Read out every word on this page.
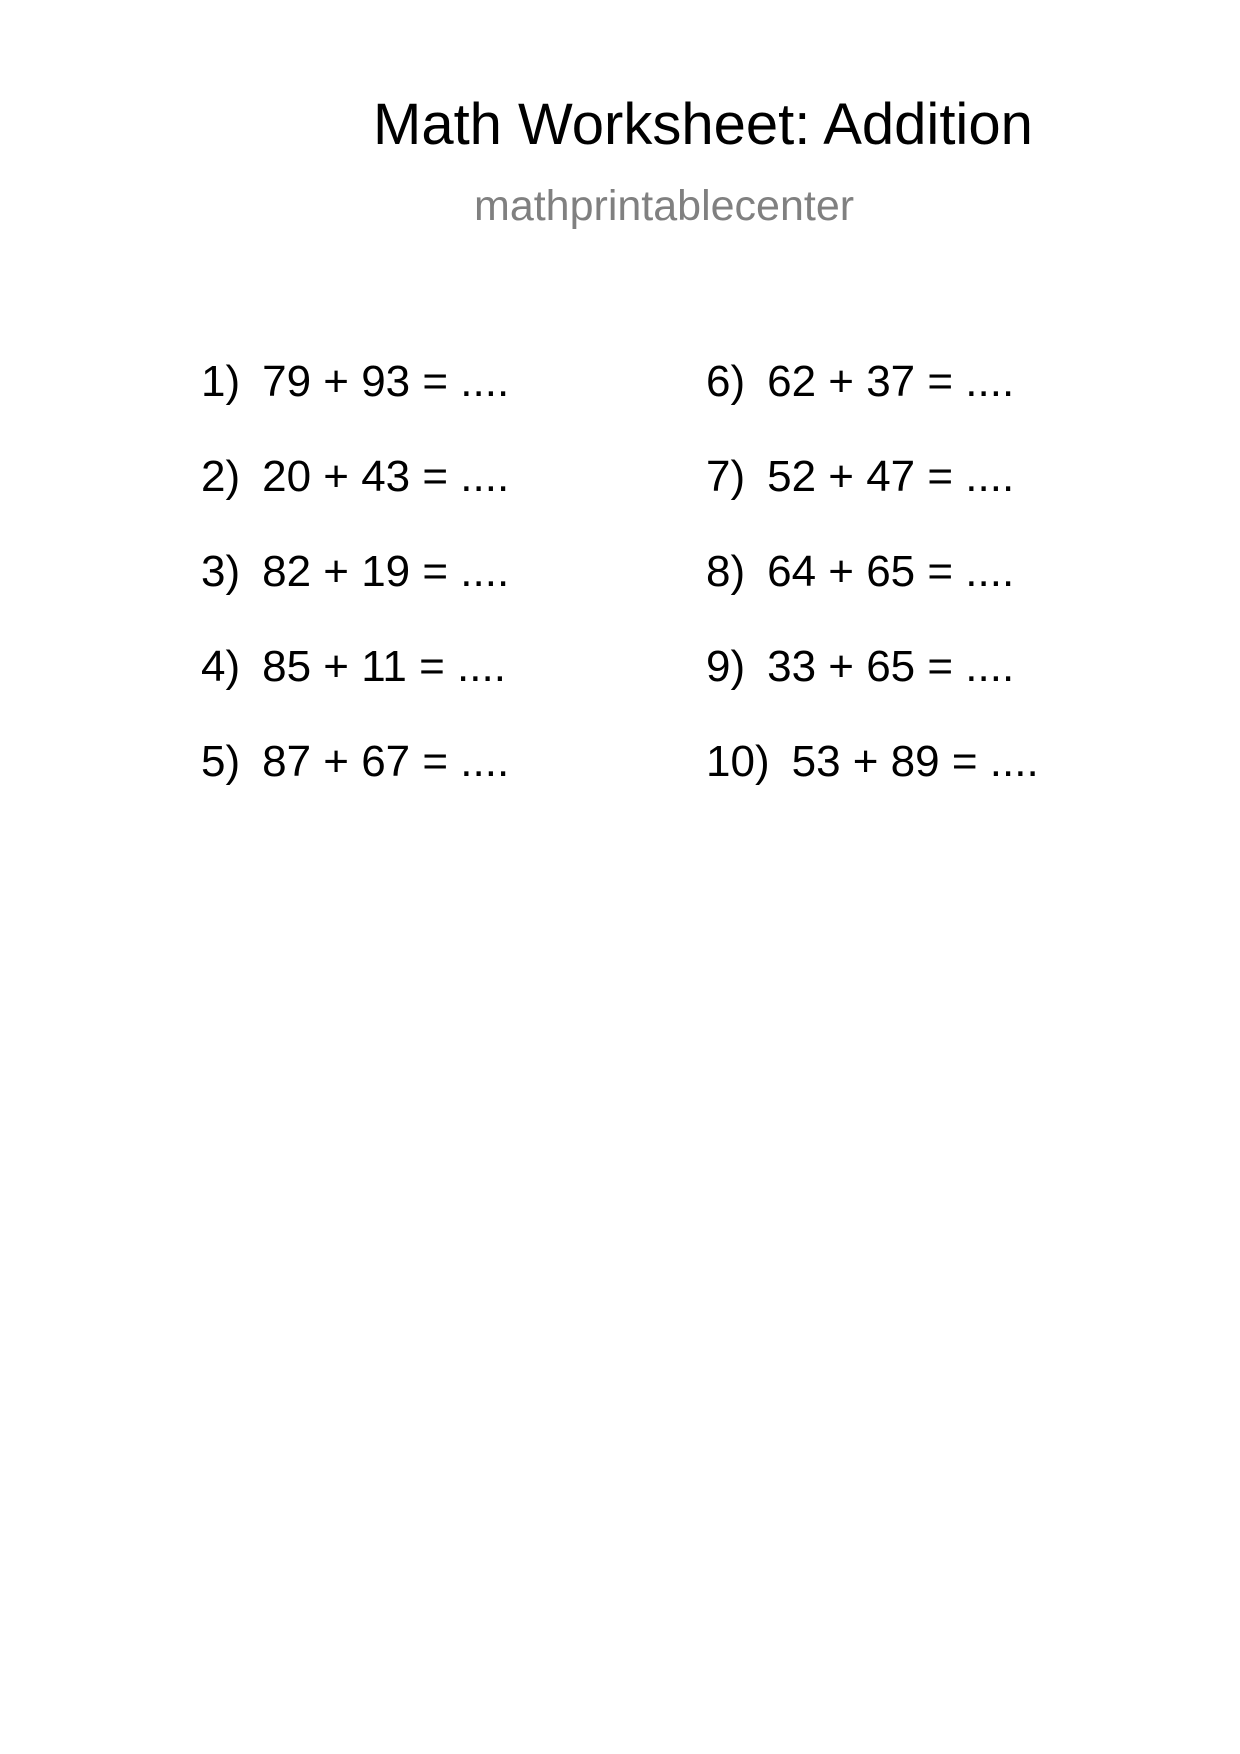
Math Worksheet: Addition
mathprintablecenter
1) 79 + 93 = ....
2) 20 + 43 = ....
3) 82 + 19 = ....
4) 85 + 11 = ....
5) 87 + 67 = ....
6) 62 + 37 = ....
7) 52 + 47 = ....
8) 64 + 65 = ....
9) 33 + 65 = ....
10) 53 + 89 = ....
